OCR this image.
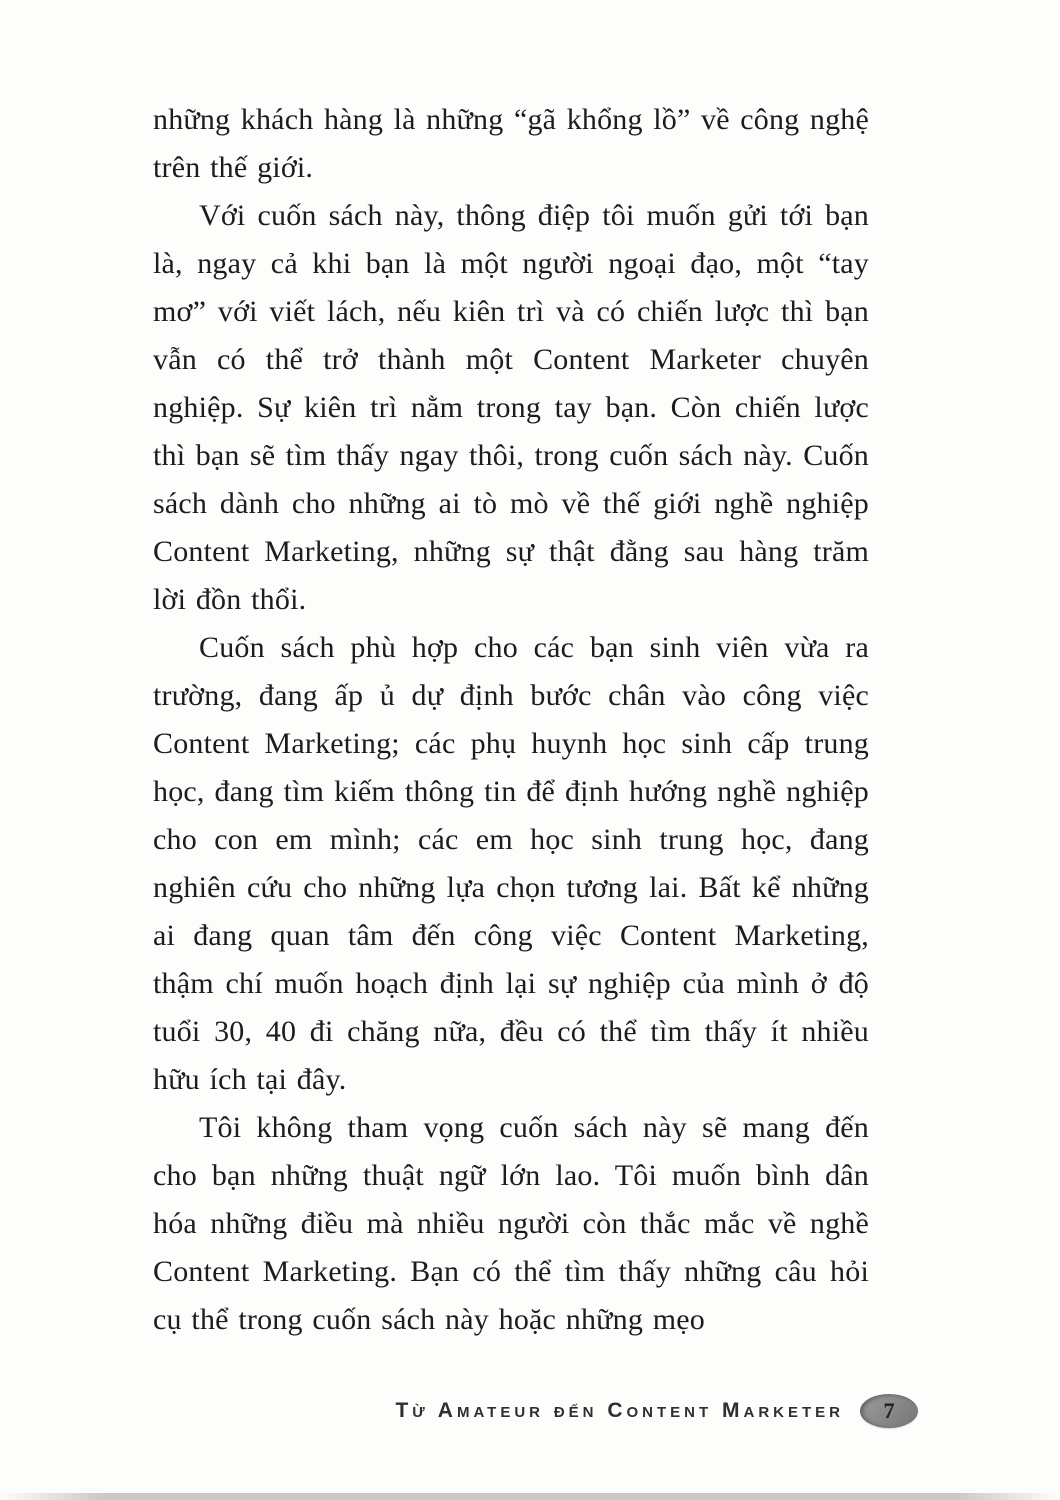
những khách hàng là những “gã khổng lồ” về công nghệ trên thế giới.

Với cuốn sách này, thông điệp tôi muốn gửi tới bạn là, ngay cả khi bạn là một người ngoại đạo, một “tay mơ” với viết lách, nếu kiên trì và có chiến lược thì bạn vẫn có thể trở thành một Content Marketer chuyên nghiệp. Sự kiên trì nằm trong tay bạn. Còn chiến lược thì bạn sẽ tìm thấy ngay thôi, trong cuốn sách này. Cuốn sách dành cho những ai tò mò về thế giới nghề nghiệp Content Marketing, những sự thật đằng sau hàng trăm lời đồn thổi.

Cuốn sách phù hợp cho các bạn sinh viên vừa ra trường, đang ấp ủ dự định bước chân vào công việc Content Marketing; các phụ huynh học sinh cấp trung học, đang tìm kiếm thông tin để định hướng nghề nghiệp cho con em mình; các em học sinh trung học, đang nghiên cứu cho những lựa chọn tương lai. Bất kể những ai đang quan tâm đến công việc Content Marketing, thậm chí muốn hoạch định lại sự nghiệp của mình ở độ tuổi 30, 40 đi chăng nữa, đều có thể tìm thấy ít nhiều hữu ích tại đây.

Tôi không tham vọng cuốn sách này sẽ mang đến cho bạn những thuật ngữ lớn lao. Tôi muốn bình dân hóa những điều mà nhiều người còn thắc mắc về nghề Content Marketing. Bạn có thể tìm thấy những câu hỏi cụ thể trong cuốn sách này hoặc những mẹo

Từ Amateur đến Content Marketer 7
